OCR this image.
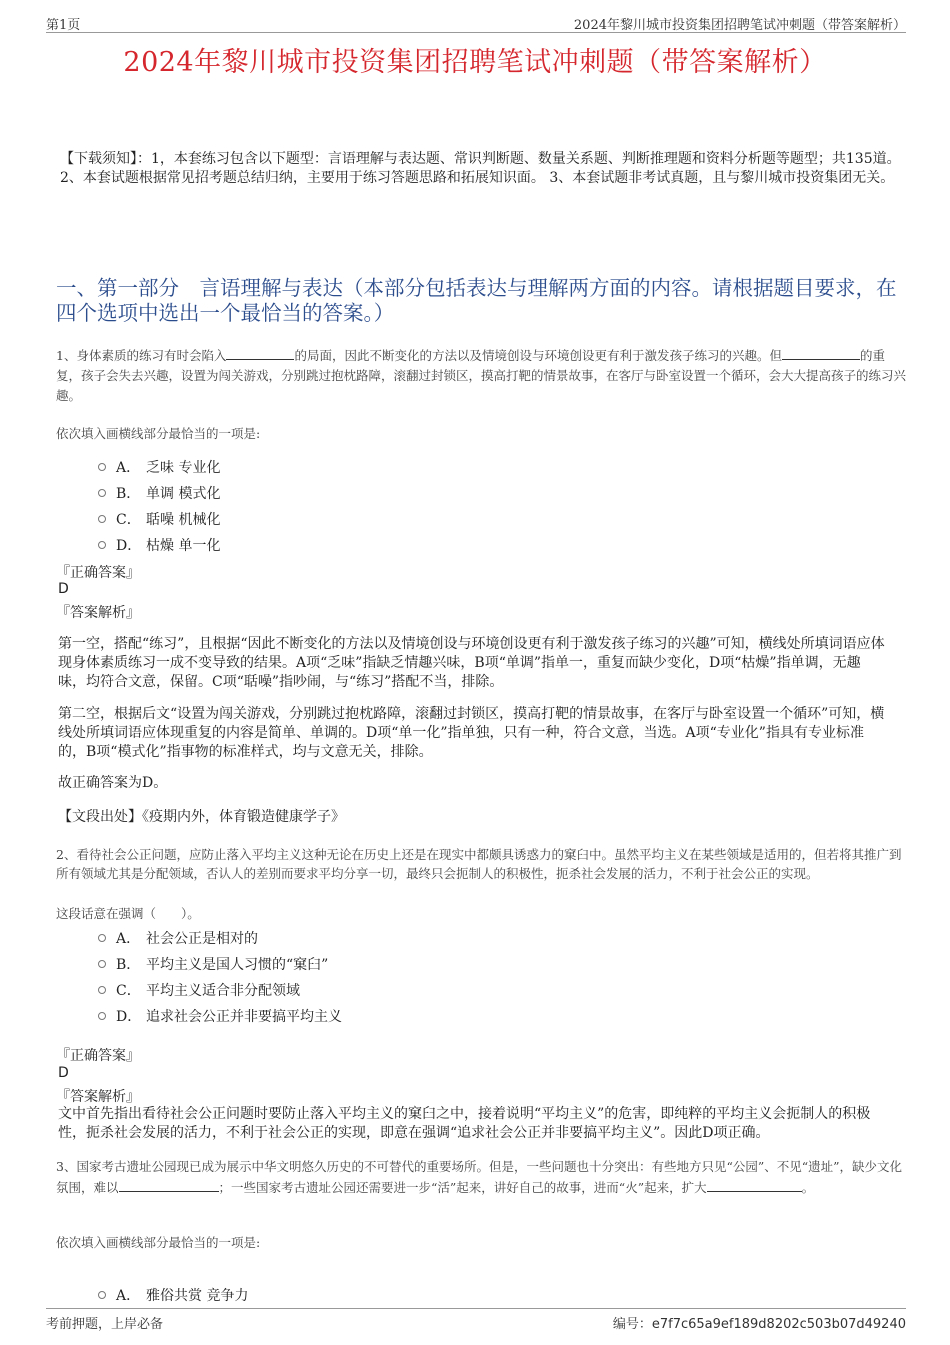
第1页	2024年黎川城市投资集团招聘笔试冲刺题（带答案解析）
2024年黎川城市投资集团招聘笔试冲刺题（带答案解析）
【下载须知】：1，本套练习包含以下题型：言语理解与表达题、常识判断题、数量关系题、判断推理题和资料分析题等题型；共135道。 2、本套试题根据常见招考题总结归纳，主要用于练习答题思路和拓展知识面。 3、本套试题非考试真题，且与黎川城市投资集团无关。
一、第一部分　言语理解与表达（本部分包括表达与理解两方面的内容。请根据题目要求，在四个选项中选出一个最恰当的答案。）
1、身体素质的练习有时会陷入	的局面，因此不断变化的方法以及情境创设与环境创设更有利于激发孩子练习的兴趣。但	的重复，孩子会失去兴趣，设置为闯关游戏，分别跳过抱枕路障，滚翻过封锁区，摸高打靶的情景故事，在客厅与卧室设置一个循环，会大大提高孩子的练习兴趣。
依次填入画横线部分最恰当的一项是:
A． 乏味 专业化
B． 单调 模式化
C． 聒噪 机械化
D． 枯燥 单一化
『正确答案』
D
『答案解析』
第一空，搭配“练习”，且根据“因此不断变化的方法以及情境创设与环境创设更有利于激发孩子练习的兴趣”可知，横线处所填词语应体现身体素质练习一成不变导致的结果。A项“乏味”指缺乏情趣兴味，B项“单调”指单一，重复而缺少变化，D项“枯燥”指单调，无趣味，均符合文意，保留。C项“聒噪”指吵闹，与“练习”搭配不当，排除。
第二空，根据后文“设置为闯关游戏，分别跳过抱枕路障，滚翻过封锁区，摸高打靶的情景故事，在客厅与卧室设置一个循环”可知，横线处所填词语应体现重复的内容是简单、单调的。D项“单一化”指单独，只有一种，符合文意，当选。A项“专业化”指具有专业标准的，B项“模式化”指事物的标准样式，均与文意无关，排除。
故正确答案为D。
【文段出处】《疫期内外，体育锻造健康学子》
2、看待社会公正问题，应防止落入平均主义这种无论在历史上还是在现实中都颇具诱惑力的窠臼中。虽然平均主义在某些领域是适用的，但若将其推广到所有领域尤其是分配领域，否认人的差别而要求平均分享一切，最终只会扼制人的积极性，扼杀社会发展的活力，不利于社会公正的实现。
这段话意在强调（　　）。
A． 社会公正是相对的
B． 平均主义是国人习惯的“窠臼”
C． 平均主义适合非分配领域
D． 追求社会公正并非要搞平均主义
『正确答案』
D
『答案解析』
文中首先指出看待社会公正问题时要防止落入平均主义的窠臼之中，接着说明“平均主义”的危害，即纯粹的平均主义会扼制人的积极性，扼杀社会发展的活力，不利于社会公正的实现，即意在强调“追求社会公正并非要搞平均主义”。因此D项正确。
3、国家考古遗址公园现已成为展示中华文明悠久历史的不可替代的重要场所。但是，一些问题也十分突出：有些地方只见“公园”、不见“遗址”，缺少文化氛围，难以	；一些国家考古遗址公园还需要进一步“活”起来，讲好自己的故事，进而“火”起来，扩大	。
依次填入画横线部分最恰当的一项是:
A． 雅俗共赏 竞争力
考前押题，上岸必备	编号：e7f7c65a9ef189d8202c503b07d49240
